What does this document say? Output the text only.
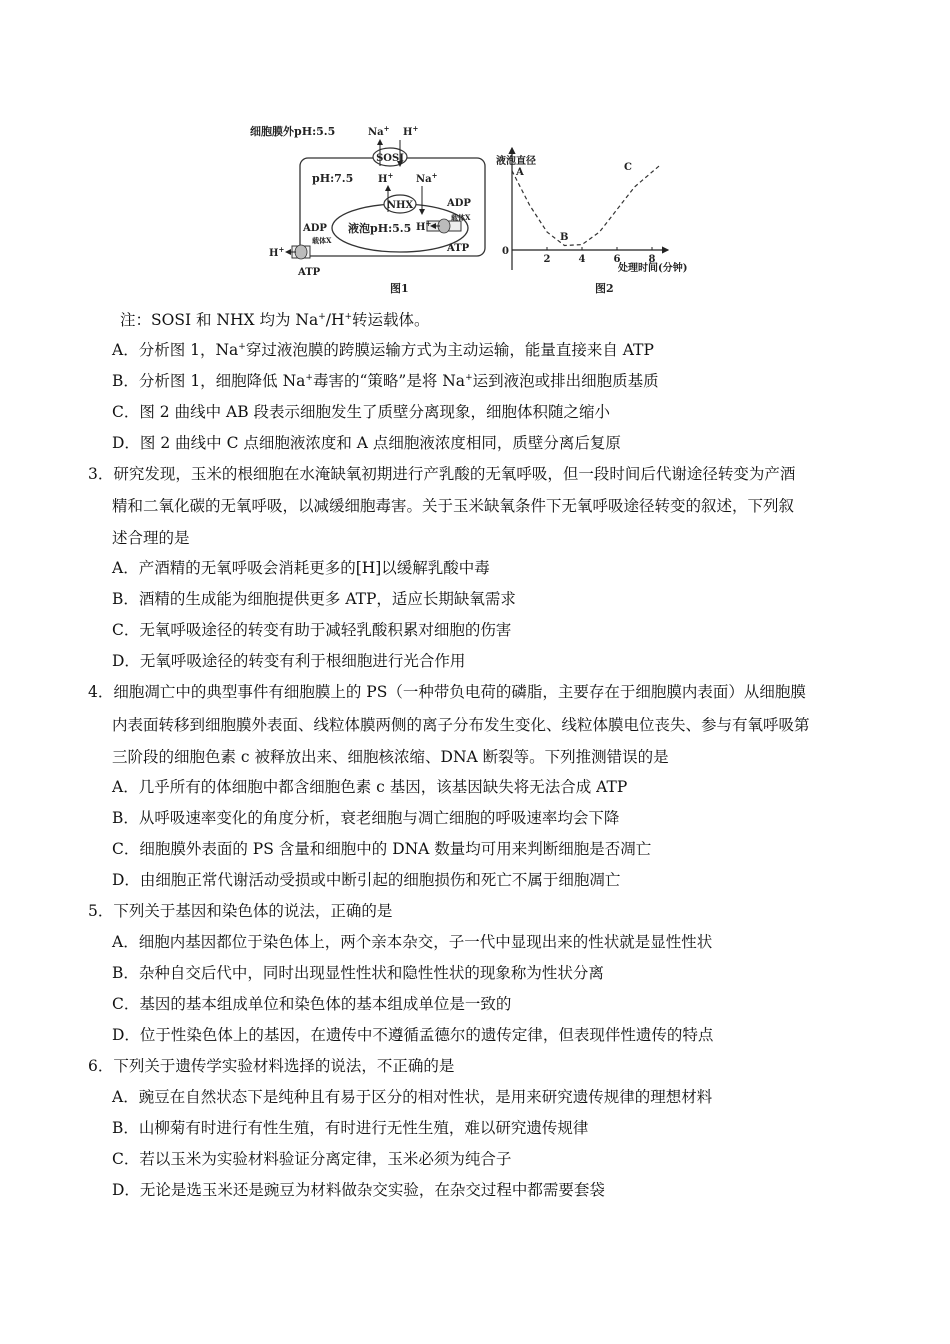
细胞膜外pH:5.5
pH:7.5
SOSI
Na+ H+
液泡pH:5.5
NHX
H+ Na+
载体X
ADP
ATP
H+
载体X
ADP
ATP
H+
图1
液泡直径
0
2	4	6	8
A
B
C
处理时间(分钟)
图2
注：SOSI 和 NHX 均为 Na+/H+转运载体。
A．分析图 1，Na+穿过液泡膜的跨膜运输方式为主动运输，能量直接来自 ATP
B．分析图 1，细胞降低 Na+毒害的“策略”是将 Na+运到液泡或排出细胞质基质
C．图 2 曲线中 AB 段表示细胞发生了质壁分离现象，细胞体积随之缩小
D．图 2 曲线中 C 点细胞液浓度和 A 点细胞液浓度相同，质壁分离后复原
3．研究发现，玉米的根细胞在水淹缺氧初期进行产乳酸的无氧呼吸，但一段时间后代谢途径转变为产酒
精和二氧化碳的无氧呼吸，以减缓细胞毒害。关于玉米缺氧条件下无氧呼吸途径转变的叙述，下列叙
述合理的是
A．产酒精的无氧呼吸会消耗更多的[H]以缓解乳酸中毒
B．酒精的生成能为细胞提供更多 ATP，适应长期缺氧需求
C．无氧呼吸途径的转变有助于减轻乳酸积累对细胞的伤害
D．无氧呼吸途径的转变有利于根细胞进行光合作用
4．细胞凋亡中的典型事件有细胞膜上的 PS（一种带负电荷的磷脂，主要存在于细胞膜内表面）从细胞膜
内表面转移到细胞膜外表面、线粒体膜两侧的离子分布发生变化、线粒体膜电位丧失、参与有氧呼吸第
三阶段的细胞色素 c 被释放出来、细胞核浓缩、DNA 断裂等。下列推测错误的是
A．几乎所有的体细胞中都含细胞色素 c 基因，该基因缺失将无法合成 ATP
B．从呼吸速率变化的角度分析，衰老细胞与凋亡细胞的呼吸速率均会下降
C．细胞膜外表面的 PS 含量和细胞中的 DNA 数量均可用来判断细胞是否凋亡
D．由细胞正常代谢活动受损或中断引起的细胞损伤和死亡不属于细胞凋亡
5．下列关于基因和染色体的说法，正确的是
A．细胞内基因都位于染色体上，两个亲本杂交，子一代中显现出来的性状就是显性性状
B．杂种自交后代中，同时出现显性性状和隐性性状的现象称为性状分离
C．基因的基本组成单位和染色体的基本组成单位是一致的
D．位于性染色体上的基因，在遗传中不遵循孟德尔的遗传定律，但表现伴性遗传的特点
6．下列关于遗传学实验材料选择的说法，不正确的是
A．豌豆在自然状态下是纯种且有易于区分的相对性状，是用来研究遗传规律的理想材料
B．山柳菊有时进行有性生殖，有时进行无性生殖，难以研究遗传规律
C．若以玉米为实验材料验证分离定律，玉米必须为纯合子
D．无论是选玉米还是豌豆为材料做杂交实验，在杂交过程中都需要套袋
